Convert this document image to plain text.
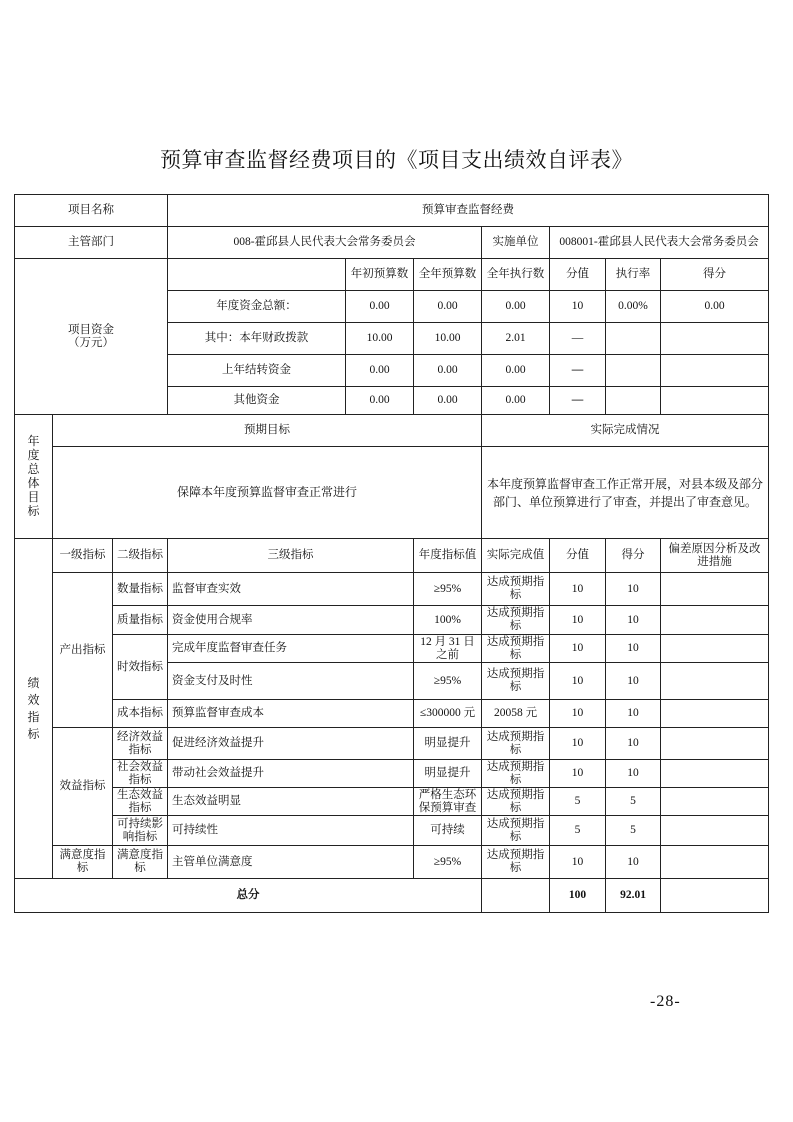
预算审查监督经费项目的《项目支出绩效自评表》
项目名称			预算审查监督经费						
主管部门			008-霍邱县人民代表大会常务委员会			实施单位	008001-霍邱县人民代表大会常务委员会		

项目资金
（万元）				年初预算数	全年预算数	全年执行数	分值	执行率	得分
			年度资金总额：	0.00	0.00	0.00	10	0.00%	0.00
			其中：本年财政拨款	10.00	10.00	2.01	—		
			上年结转资金	0.00	0.00	0.00	—		
			其他资金	0.00	0.00	0.00	—		
年度总体目标	预期目标					实际完成情况			
	保障本年度预算监督审查正常进行					本年度预算监督审查工作正常开展，对县本级及部分部门、单位预算进行了审查，并提出了审查意见。			
绩效指标	一级指标	二级指标	三级指标		年度指标值	实际完成值	分值	得分	偏差原因分析及改进措施
	产出指标	数量指标	监督审查实效		≥95%	达成预期指标	10	10	
		质量指标	资金使用合规率		100%	达成预期指标	10	10	
		时效指标	完成年度监督审查任务		12 月 31 日之前	达成预期指标	10	10	
			资金支付及时性		≥95%	达成预期指标	10	10	
		成本指标	预算监督审查成本		≤300000 元	20058 元	10	10	
	效益指标	经济效益指标	促进经济效益提升		明显提升	达成预期指标	10	10	
		社会效益指标	带动社会效益提升		明显提升	达成预期指标	10	10	
		生态效益指标	生态效益明显		严格生态环保预算审查	达成预期指标	5	5	
		可持续影响指标	可持续性		可持续	达成预期指标	5	5	
	满意度指标	满意度指标	主管单位满意度		≥95%	达成预期指标	10	10	
总分							100	92.01	
-28-
